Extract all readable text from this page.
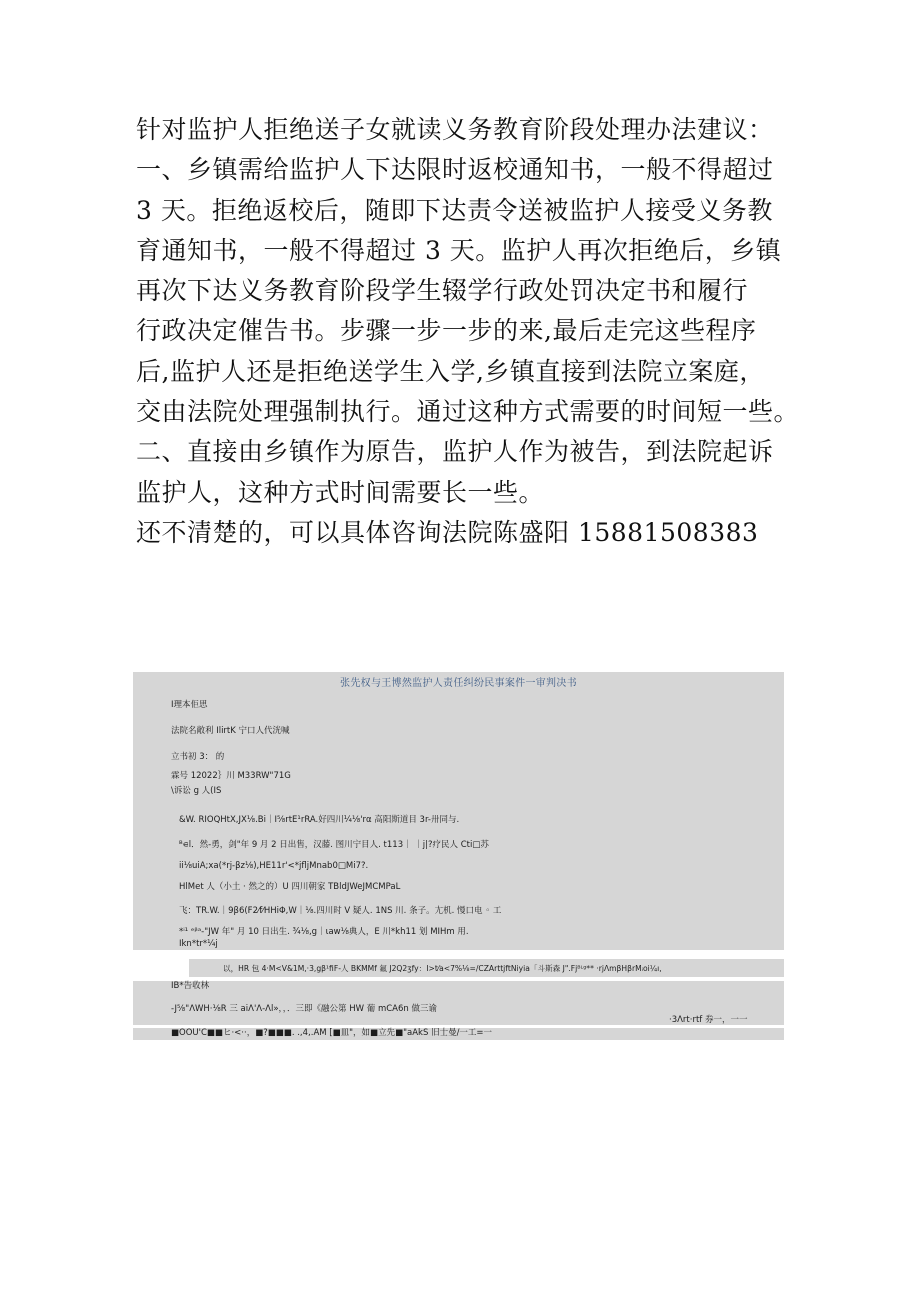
针对监护人拒绝送子女就读义务教育阶段处理办法建议：
一、乡镇需给监护人下达限时返校通知书，一般不得超过
3 天。拒绝返校后，随即下达责令送被监护人接受义务教
育通知书，一般不得超过 3 天。监护人再次拒绝后，乡镇
再次下达义务教育阶段学生辍学行政处罚决定书和履行
行政决定催告书。步骤一步一步的来,最后走完这些程序
后,监护人还是拒绝送学生入学,乡镇直接到法院立案庭，
交由法院处理强制执行。通过这种方式需要的时间短一些。
二、直接由乡镇作为原告，监护人作为被告，到法院起诉
监护人，这种方式时间需要长一些。
还不清楚的，可以具体咨询法院陈盛阳 15881508383
张先权与王博然监护人责任纠纷民事案件一审判决书
Ⅰ理本佢思
法院名敞利 IlirtK 宁口人代洸喊
立书初 3： 的
霖号 12022｝川 M33RW"71G
\诉讼 g 人(IS
&W. RIOQHtX,JX⅛.Bi｜I⅝rtE¹rRA.好四川¼⅛'rα 高阳斯道目 3r-卅同与.
ᴮ⋴l．然-勇，剑"年 9 月 2 日出售，汉藤. 图川宁目人. t113｜ ｜j|?疗民人 Cti□苏
ii⅛uiA;xa(*rj-βz⅛),HE11r'<*jfljMnab0□Mi7?.
HlMet 人（小土 · 然之的）U 四川朝家 TBldJWeJMCMPaL
飞：TR.W.｜9β6(F2⁄f⁄HHiΦ,W｜⅛.四川时 V 疑人. 1NS 川. 条子。尢机. 慢口电 ◦ 工
*ⁱ¹ ᵉᵝᵃ-"JW 年" 月 10 日出生. ¾⅛,g｜ιaw⅛典人，E 川*kh11 划 MIHm 用.
Ikn*tr*¼j
以，HR 包 4·M<V&1M,·3,gβ¹fiF-人 BKMMf 氟 J2Q2ʒfy：I>t⁄a<7%⅛=/CZArttjftNiyia「斗斯森 J".Fjᴮᴸᵍ** ·rjΛmβHβrMᵢoi¼ı,
IB*告收林
-J⅝"ΛWH·⅛R 三 aiΛ'Λ-Λl»，，．三即《融公第 HW 葡 mCA6n 做三谕
·3Λrt·rtf 券一，一一
■OOU'C■■ヒ·<··，■?■■■. .,4,.AM [■皿"，如■立先■"aAkS 旧士曼/一工=一
